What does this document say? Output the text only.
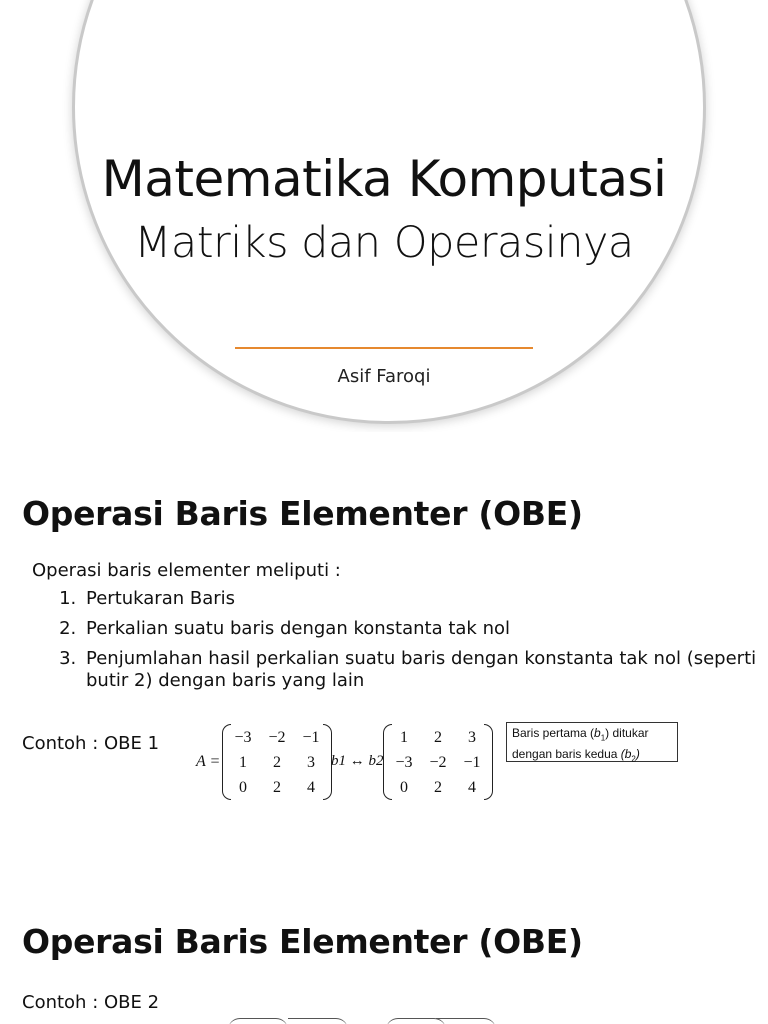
Matematika Komputasi
Matriks dan Operasinya
Asif Faroqi
Operasi Baris Elementer (OBE)
Operasi baris elementer meliputi :
1. Pertukaran Baris
2. Perkalian suatu baris dengan konstanta tak nol
3. Penjumlahan hasil perkalian suatu baris dengan konstanta tak nol (seperti butir 2) dengan baris yang lain
Contoh : OBE 1
A =
−3	−2	−1
1	2	3
0	2	4
b1 ↔ b2
1	2	3
−3	−2	−1
0	2	4
Baris pertama $(b_1)$ ditukar
dengan baris kedua $(b_2)$
Operasi Baris Elementer (OBE)
Contoh : OBE 2
